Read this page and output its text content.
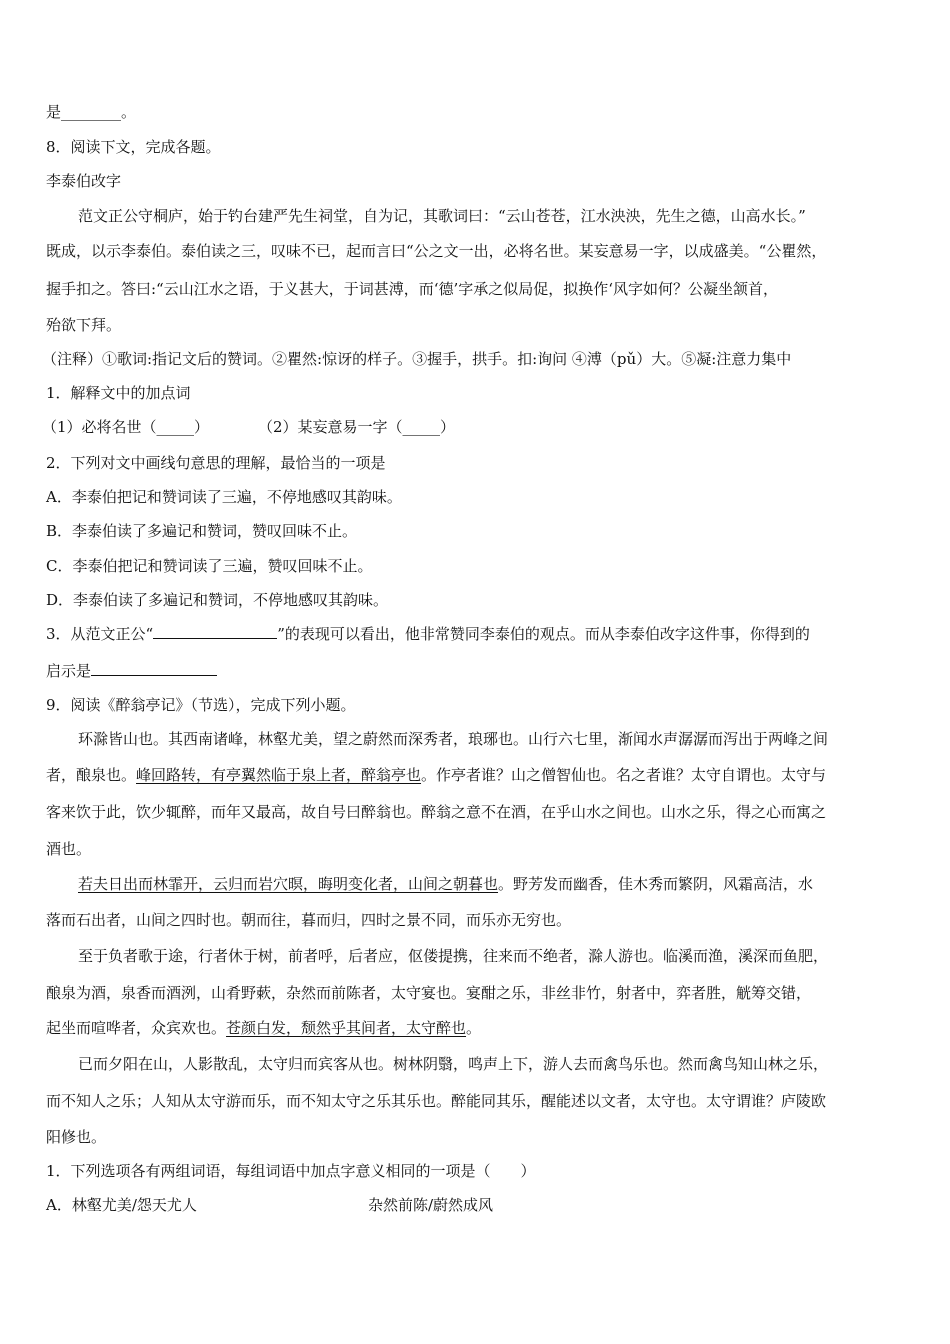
是________。
8．阅读下文，完成各题。
李泰伯改字
范文正公守桐庐，始于钓台建严先生祠堂，自为记，其歌词曰：“云山苍苍，江水泱泱，先生之德，山高水长。”
既成，以示李泰伯。泰伯读之三，叹味不已，起而言曰“公之文一出，必将名世。某妄意易一字，以成盛美。“公瞿然，
握手扣之。答曰:“云山江水之语，于义甚大，于词甚溥，而‘德’字承之似局促，拟换作‘风字如何？公凝坐颔首，
殆欲下拜。
（注释）①歌词:指记文后的赞词。②瞿然:惊讶的样子。③握手，拱手。扣:询问 ④溥（pǔ）大。⑤凝:注意力集中
1．解释文中的加点词
（1）必将名世（_____）	（2）某妄意易一字（_____）
2．下列对文中画线句意思的理解，最恰当的一项是
A．李泰伯把记和赞词读了三遍，不停地感叹其韵味。
B．李泰伯读了多遍记和赞词，赞叹回味不止。
C．李泰伯把记和赞词读了三遍，赞叹回味不止。
D．李泰伯读了多遍记和赞词，不停地感叹其韵味。
3．从范文正公“	”的表现可以看出，他非常赞同李泰伯的观点。而从李泰伯改字这件事，你得到的
启示是
9．阅读《醉翁亭记》（节选），完成下列小题。
环滁皆山也。其西南诸峰，林壑尤美，望之蔚然而深秀者，琅琊也。山行六七里，渐闻水声潺潺而泻出于两峰之间
者，酿泉也。峰回路转，有亭翼然临于泉上者，醉翁亭也。作亭者谁？山之僧智仙也。名之者谁？太守自谓也。太守与
客来饮于此，饮少辄醉，而年又最高，故自号曰醉翁也。醉翁之意不在酒，在乎山水之间也。山水之乐，得之心而寓之
酒也。
若夫日出而林霏开，云归而岩穴暝，晦明变化者，山间之朝暮也。野芳发而幽香，佳木秀而繁阴，风霜高洁，水
落而石出者，山间之四时也。朝而往，暮而归，四时之景不同，而乐亦无穷也。
至于负者歌于途，行者休于树，前者呼，后者应，伛偻提携，往来而不绝者，滁人游也。临溪而渔，溪深而鱼肥，
酿泉为酒，泉香而酒洌，山肴野蔌，杂然而前陈者，太守宴也。宴酣之乐，非丝非竹，射者中，弈者胜，觥筹交错，
起坐而喧哗者，众宾欢也。苍颜白发，颓然乎其间者，太守醉也。
已而夕阳在山，人影散乱，太守归而宾客从也。树林阴翳，鸣声上下，游人去而禽鸟乐也。然而禽鸟知山林之乐，
而不知人之乐；人知从太守游而乐，而不知太守之乐其乐也。醉能同其乐，醒能述以文者，太守也。太守谓谁？庐陵欧
阳修也。
1．下列选项各有两组词语，每组词语中加点字意义相同的一项是（　　）
A．林壑尤美/怨天尤人	杂然前陈/蔚然成风
